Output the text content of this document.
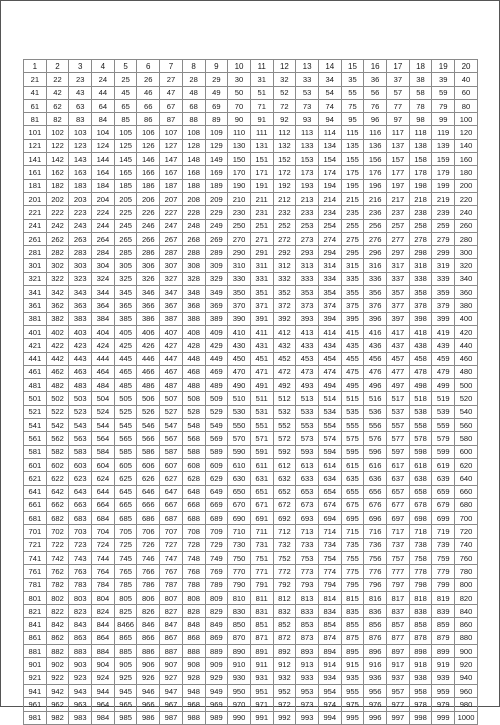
1	2	3	4	5	6	7	8	9	10	11	12	13	14	15	16	17	18	19	20
21	22	23	24	25	26	27	28	29	30	31	32	33	34	35	36	37	38	39	40
41	42	43	44	45	46	47	48	49	50	51	52	53	54	55	56	57	58	59	60
61	62	63	64	65	66	67	68	69	70	71	72	73	74	75	76	77	78	79	80
81	82	83	84	85	86	87	88	89	90	91	92	93	94	95	96	97	98	99	100
101	102	103	104	105	106	107	108	109	110	111	112	113	114	115	116	117	118	119	120
121	122	123	124	125	126	127	128	129	130	131	132	133	134	135	136	137	138	139	140
141	142	143	144	145	146	147	148	149	150	151	152	153	154	155	156	157	158	159	160
161	162	163	164	165	166	167	168	169	170	171	172	173	174	175	176	177	178	179	180
181	182	183	184	185	186	187	188	189	190	191	192	193	194	195	196	197	198	199	200
201	202	203	204	205	206	207	208	209	210	211	212	213	214	215	216	217	218	219	220
221	222	223	224	225	226	227	228	229	230	231	232	233	234	235	236	237	238	239	240
241	242	243	244	245	246	247	248	249	250	251	252	253	254	255	256	257	258	259	260
261	262	263	264	265	266	267	268	269	270	271	272	273	274	275	276	277	278	279	280
281	282	283	284	285	286	287	288	289	290	291	292	293	294	295	296	297	298	299	300
301	302	303	304	305	306	307	308	309	310	311	312	313	314	315	316	317	318	319	320
321	322	323	324	325	326	327	328	329	330	331	332	333	334	335	336	337	338	339	340
341	342	343	344	345	346	347	348	349	350	351	352	353	354	355	356	357	358	359	360
361	362	363	364	365	366	367	368	369	370	371	372	373	374	375	376	377	378	379	380
381	382	383	384	385	386	387	388	389	390	391	392	393	394	395	396	397	398	399	400
401	402	403	404	405	406	407	408	409	410	411	412	413	414	415	416	417	418	419	420
421	422	423	424	425	426	427	428	429	430	431	432	433	434	435	436	437	438	439	440
441	442	443	444	445	446	447	448	449	450	451	452	453	454	455	456	457	458	459	460
461	462	463	464	465	466	467	468	469	470	471	472	473	474	475	476	477	478	479	480
481	482	483	484	485	486	487	488	489	490	491	492	493	494	495	496	497	498	499	500
501	502	503	504	505	506	507	508	509	510	511	512	513	514	515	516	517	518	519	520
521	522	523	524	525	526	527	528	529	530	531	532	533	534	535	536	537	538	539	540
541	542	543	544	545	546	547	548	549	550	551	552	553	554	555	556	557	558	559	560
561	562	563	564	565	566	567	568	569	570	571	572	573	574	575	576	577	578	579	580
581	582	583	584	585	586	587	588	589	590	591	592	593	594	595	596	597	598	599	600
601	602	603	604	605	606	607	608	609	610	611	612	613	614	615	616	617	618	619	620
621	622	623	624	625	626	627	628	629	630	631	632	633	634	635	636	637	638	639	640
641	642	643	644	645	646	647	648	649	650	651	652	653	654	655	656	657	658	659	660
661	662	663	664	665	666	667	668	669	670	671	672	673	674	675	676	677	678	679	680
681	682	683	684	685	686	687	688	689	690	691	692	693	694	695	696	697	698	699	700
701	702	703	704	705	706	707	708	709	710	711	712	713	714	715	716	717	718	719	720
721	722	723	724	725	726	727	728	729	730	731	732	733	734	735	736	737	738	739	740
741	742	743	744	745	746	747	748	749	750	751	752	753	754	755	756	757	758	759	760
761	762	763	764	765	766	767	768	769	770	771	772	773	774	775	776	777	778	779	780
781	782	783	784	785	786	787	788	789	790	791	792	793	794	795	796	797	798	799	800
801	802	803	804	805	806	807	808	809	810	811	812	813	814	815	816	817	818	819	820
821	822	823	824	825	826	827	828	829	830	831	832	833	834	835	836	837	838	839	840
841	842	843	844	8466	846	847	848	849	850	851	852	853	854	855	856	857	858	859	860
861	862	863	864	865	866	867	868	869	870	871	872	873	874	875	876	877	878	879	880
881	882	883	884	885	886	887	888	889	890	891	892	893	894	895	896	897	898	899	900
901	902	903	904	905	906	907	908	909	910	911	912	913	914	915	916	917	918	919	920
921	922	923	924	925	926	927	928	929	930	931	932	933	934	935	936	937	938	939	940
941	942	943	944	945	946	947	948	949	950	951	952	953	954	955	956	957	958	959	960
961	962	963	964	965	966	967	968	969	970	971	972	973	974	975	976	977	978	979	980
981	982	983	984	985	986	987	988	989	990	991	992	993	994	995	996	997	998	999	1000
